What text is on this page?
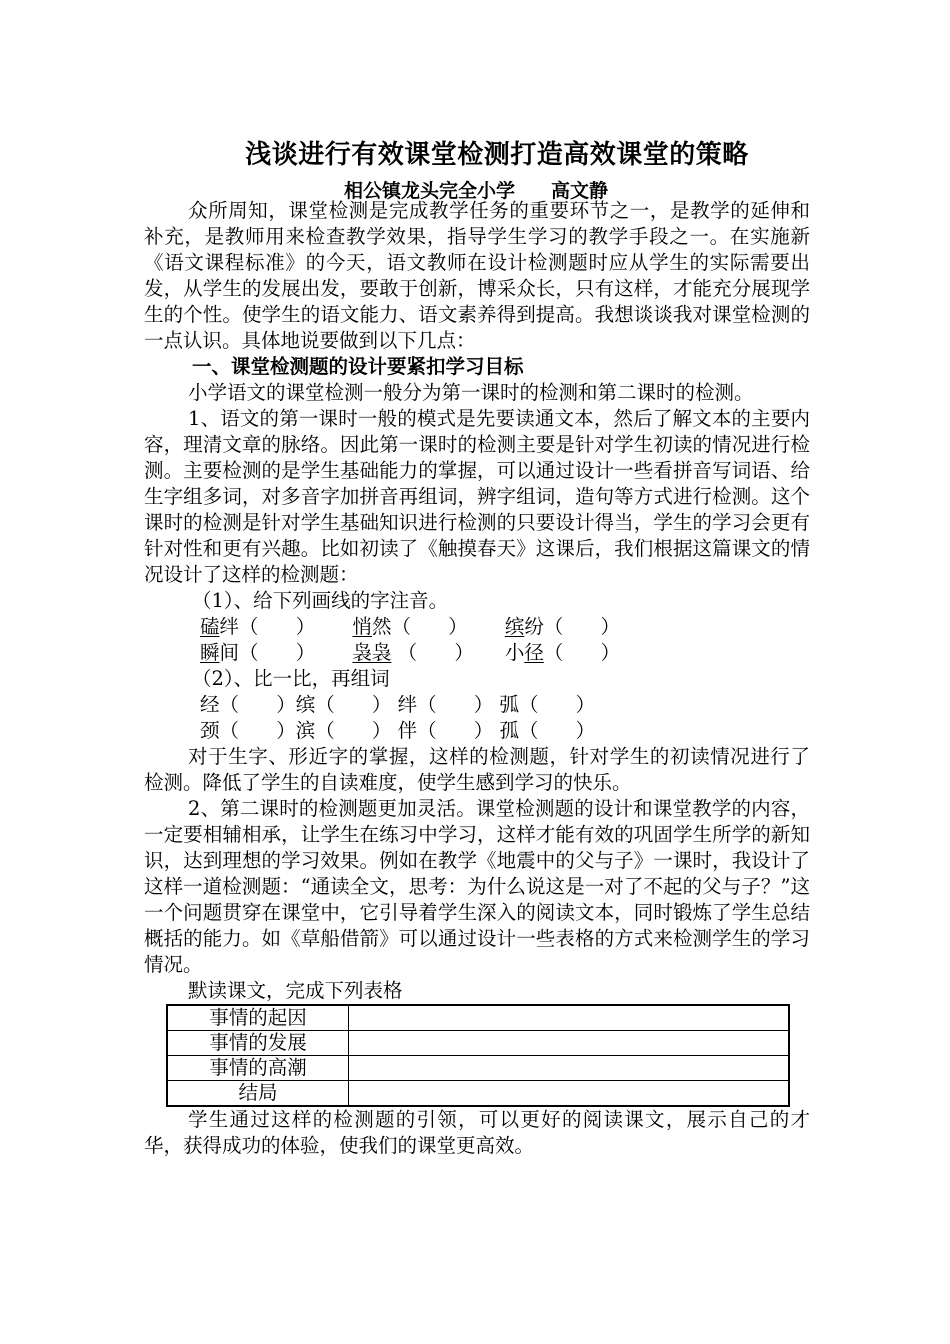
浅谈进行有效课堂检测打造高效课堂的策略
相公镇龙头完全小学 高文静

众所周知，课堂检测是完成教学任务的重要环节之一，是教学的延伸和补充，是教师用来检查教学效果，指导学生学习的教学手段之一。在实施新《语文课程标准》的今天，语文教师在设计检测题时应从学生的实际需要出发，从学生的发展出发，要敢于创新，博采众长，只有这样，才能充分展现学生的个性。使学生的语文能力、语文素养得到提高。我想谈谈我对课堂检测的一点认识。具体地说要做到以下几点：

一、课堂检测题的设计要紧扣学习目标

小学语文的课堂检测一般分为第一课时的检测和第二课时的检测。

1、语文的第一课时一般的模式是先要读通文本，然后了解文本的主要内容，理清文章的脉络。因此第一课时的检测主要是针对学生初读的情况进行检测。主要检测的是学生基础能力的掌握，可以通过设计一些看拼音写词语、给生字组多词，对多音字加拼音再组词，辨字组词，造句等方式进行检测。这个课时的检测是针对学生基础知识进行检测的只要设计得当，学生的学习会更有针对性和更有兴趣。比如初读了《触摸春天》这课后，我们根据这篇课文的情况设计了这样的检测题：

（1）、给下列画线的字注音。

磕绊（      ） 悄然（      ） 缤纷（      ）

瞬间（      ） 袅袅 （      ） 小径（      ）

（2）、比一比，再组词

经（      ）缤（      ） 绊（      ） 弧（      ）

颈（      ）滨（      ） 伴（      ） 孤（      ）

对于生字、形近字的掌握，这样的检测题，针对学生的初读情况进行了检测。降低了学生的自读难度，使学生感到学习的快乐。

2、第二课时的检测题更加灵活。课堂检测题的设计和课堂教学的内容，一定要相辅相承，让学生在练习中学习，这样才能有效的巩固学生所学的新知识，达到理想的学习效果。例如在教学《地震中的父与子》一课时，我设计了这样一道检测题：“通读全文，思考：为什么说这是一对了不起的父与子？”这一个问题贯穿在课堂中，它引导着学生深入的阅读文本，同时锻炼了学生总结概括的能力。如《草船借箭》可以通过设计一些表格的方式来检测学生的学习情况。

默读课文，完成下列表格

事情的起因	
事情的发展	
事情的高潮	
结局	

学生通过这样的检测题的引领，可以更好的阅读课文，展示自己的才华，获得成功的体验，使我们的课堂更高效。
